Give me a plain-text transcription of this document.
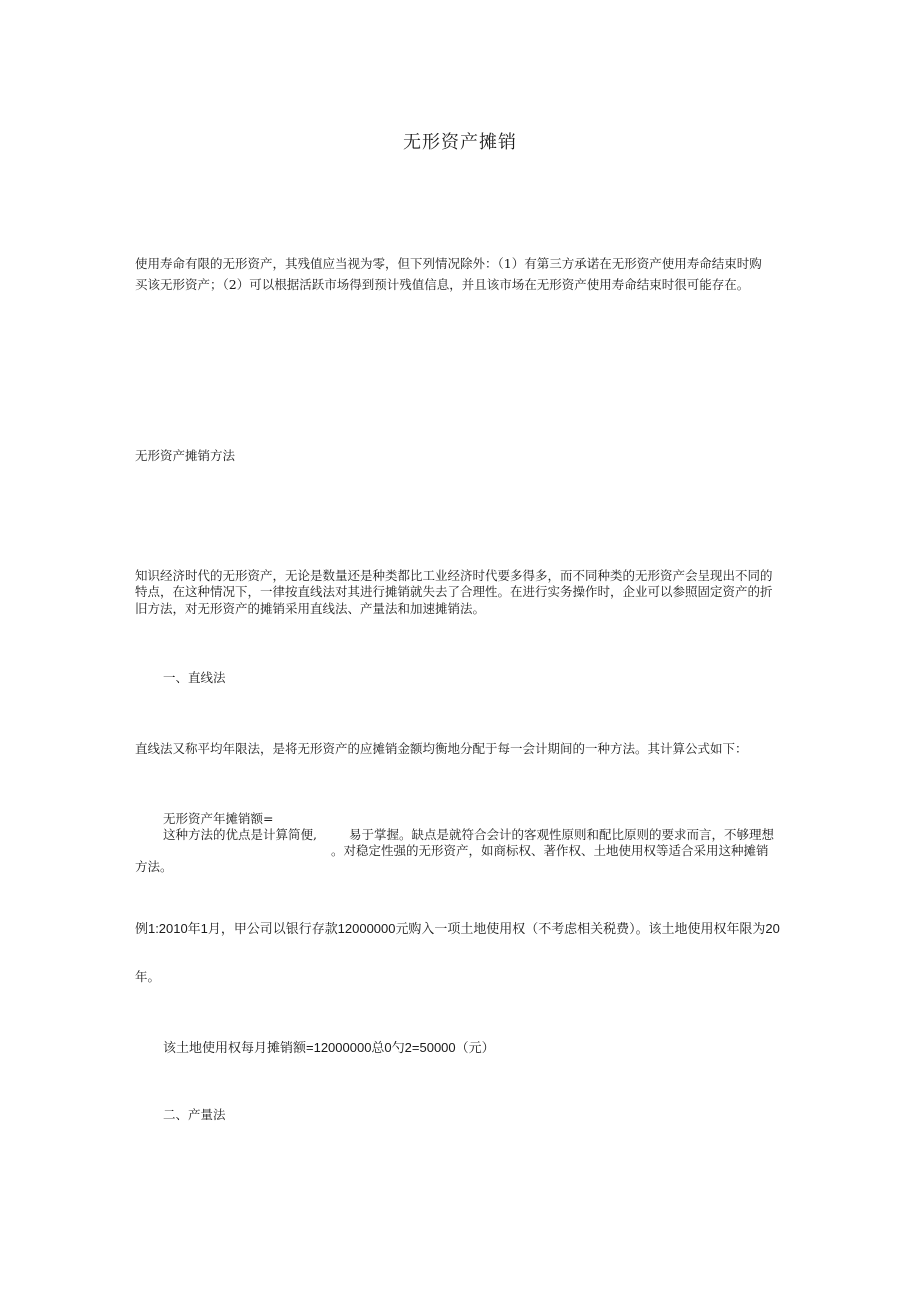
无形资产摊销

使用寿命有限的无形资产，其残值应当视为零，但下列情况除外：（1）有第三方承诺在无形资产使用寿命结束时购

买该无形资产；（2）可以根据活跃市场得到预计残值信息，并且该市场在无形资产使用寿命结束时很可能存在。

无形资产摊销方法

知识经济时代的无形资产，无论是数量还是种类都比工业经济时代要多得多，而不同种类的无形资产会呈现出不同的

特点，在这种情况下，一律按直线法对其进行摊销就失去了合理性。在进行实务操作时，企业可以参照固定资产的折

旧方法，对无形资产的摊销采用直线法、产量法和加速摊销法。

一、直线法

直线法又称平均年限法，是将无形资产的应摊销金额均衡地分配于每一会计期间的一种方法。其计算公式如下：

无形资产年摊销额=

这种方法的优点是计算简便,	易于掌握。缺点是就符合会计的客观性原则和配比原则的要求而言，不够理想

。对稳定性强的无形资产，如商标权、著作权、土地使用权等适合采用这种摊销

方法。

例1:2010年1月，甲公司以银行存款12000000元购入一项土地使用权（不考虑相关税费）。该土地使用权年限为20

年。

该土地使用权每月摊销额=12000000总0勺2=50000（元）

二、产量法
